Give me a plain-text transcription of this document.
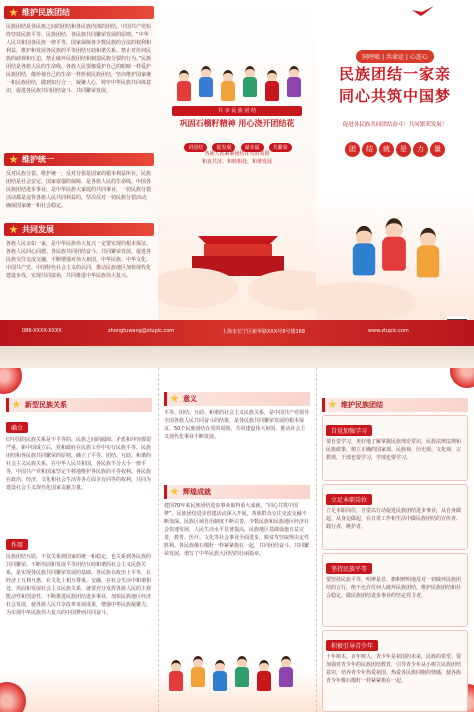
维护民族团结
民族团结是各民族之间的团结和各民族内部的团结。中国共产党始终坚持民族平等、民族团结、各民族共同繁荣发展的原则。“中华人民共和国各民族一律平等。国家保障各少数民族的合法的权利和利益，维护和发展各民族的平等团结互助和谐关系。禁止对任何民族的歧视和压迫，禁止破坏民族团结和制造民族分裂的行为。”民族团结是各族人民的生命线。各族人民要像爱护自己的眼睛一样爱护民族团结，像珍视自己的生命一样珍视民族团结，坚决维护国家统一和民族团结，做到知行合一，凝聚人心，铸牢中华民族共同体意识，促进各民族共同团结奋斗、共同繁荣发展。
维护统一
反对民族分裂。维护统一，反对分裂是国家的根本利益所在。民族团结是社会安定、国家富强的保障，是各族人民的生命线。中国各民族团结进步事业，是中华民族大家庭的共同事业，一切民族分裂活动都是违背各族人民共同利益的，坚决反对一切民族分裂活动，确保国家统一和社会稳定。
共同发展
各族人民亲如一家，是中华民族伟大复兴一定要实现的根本保证。各族人民同心同德、各民族共同团结奋斗、共同繁荣发展。促进各民族交往交流交融，不断增强对伟大祖国、中华民族、中华文化、中国共产党、中国特色社会主义的认同，推动民族地区加快现代化建设步伐，实现共同富裕，共同推进中华民族伟大复兴。
共 享 民 族 团 结
巩固石榴籽精神 用心浇开团结花
讲团结	促发展	谋幸福	共繁荣
各族人民紧紧团结在党的周围
和衷共济、和睦相处、和谐发展
同呼吸 | 共命运 | 心连心
民族团结一家亲
同心共筑中国梦
促进各民族共同团结奋斗！共同繁荣发展！
团 结 就 是 力 量
086-XXXX-XXXX	zhongtuwang@ztupic.com	上海市长宁区新华路XXX号8号楼168	www.ztupic.com
新型民族关系
确立
旧中国的民族关系是不平等的，民族之间的隔阂、矛盾和冲突都很严重。新中国成立后，党和政府在民族工作中实行民族平等、民族团结和各民族共同繁荣的原则，确立了平等、团结、互助、和谐的社会主义民族关系。在中华人民共和国，各民族不分大小一律平等，中国共产党和国家坚定不移地维护各民族的平等权利。各民族在政治、经济、文化和社会生活等各方面享有同等的权利，共同为建设社会主义现代化国家贡献力量。
作用
民族团结互助，不仅关系到国家的统一和稳定，也关系到各民族的共同繁荣。不断巩固和发展平等团结互助和谐的社会主义民族关系，是实现各民族共同繁荣发展的基础。各民族在政治上平等，在经济上互利互惠，在文化上相互尊重、交融，在社会生活中和谐相处。巩固和发展社会主义民族关系，就要充分发挥各族人民的主观能动性和创造性，不断推进民族团结进步事业，加快民族地区经济社会发展，使各族人民共享改革发展成果，增强中华民族凝聚力，为实现中华民族伟大复兴的中国梦而共同奋斗。
意义
平等、团结、互助、和谐的社会主义民族关系，是中国共产党领导全国各族人民共同奋斗的结果，是各民族共同繁荣发展的根本保证。50个民族团结在党的周围，共同建设伟大祖国，推动社会主义现代化事业不断发展。
辉煌成就
建国70年来民族团结进步事业取得重大成就。“同心共筑中国梦”。民族团结进步创建活动深入开展，各族群众交往交流交融不断加深。民族区域自治制度不断完善，少数民族和民族地区经济社会快速发展，人民生活水平显著提高。民族地区基础设施日益完善，教育、医疗、文化等社会事业全面进步，脱贫攻坚取得决定性胜利。各民族像石榴籽一样紧紧抱在一起，共同团结奋斗、共同繁荣发展，谱写了中华民族大团结的壮丽篇章。
维护民族团结
自觉加强学习
要自觉学习，更好地了解掌握民族理论常识，民族法律法规和民族政策，树立正确的国家观、民族观、历史观、文化观、宗教观，干部也要学习，学部也要学习。
立足本职岗位
立足本职岗位，自觉以行动促进民族团结进步事业，从自身做起，从身边做起，在日常工作和生活中做民族团结的宣传者、践行者、维护者。
坚持民族平等
要坚持民族平等，明辨是非，旗帜鲜明地反对一切破坏民族团结的言行，绝不允许任何人破坏民族团结，维护民族团结和社会稳定，做民族团结进步事业的坚定捍卫者。
积极引导青少年
十年树木，百年树人。青少年是祖国的未来，民族的希望。要加强对青少年的民族团结教育，引导青少年从小树立民族团结意识，培养青少年热爱祖国、热爱各民族同胞的情感，使各族青少年像石榴籽一样紧紧抱在一起。
